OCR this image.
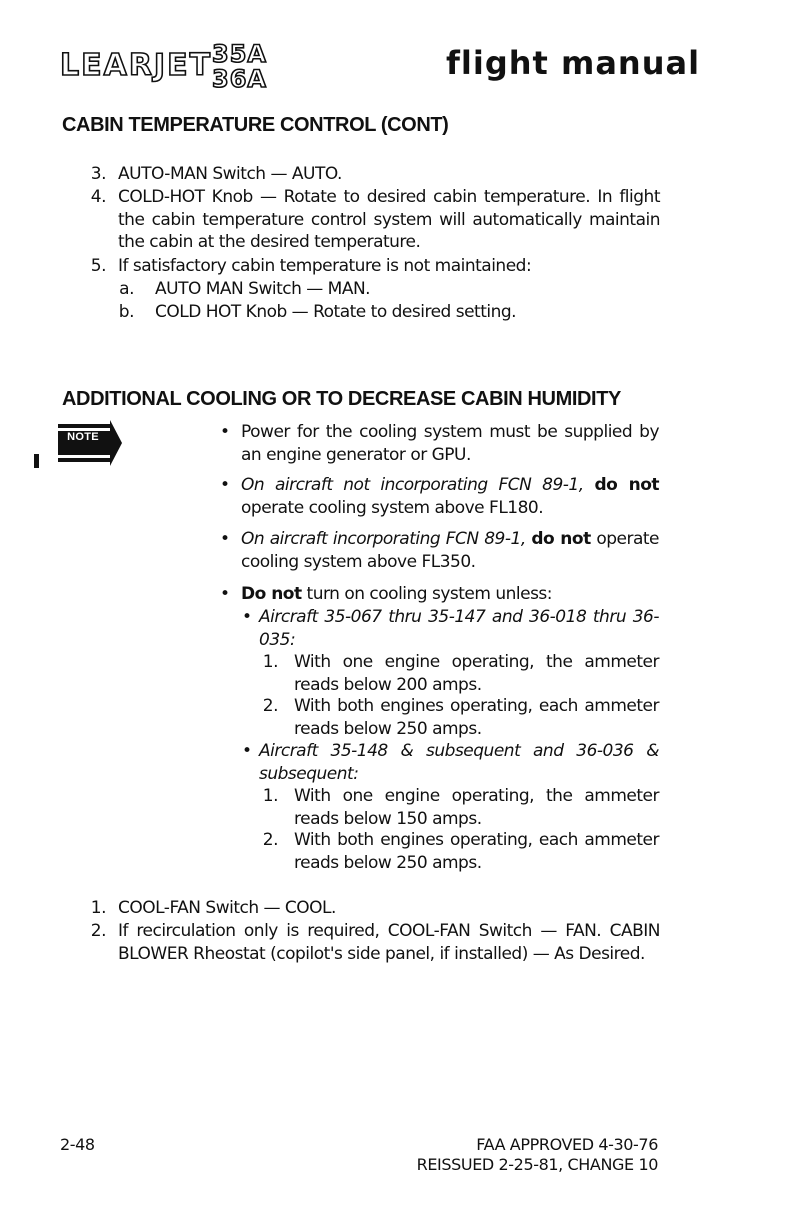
LEARJET 35A
36A	flight manual
CABIN TEMPERATURE CONTROL (CONT)
3. AUTO-MAN Switch — AUTO.
4. COLD-HOT Knob — Rotate to desired cabin temperature. In flight the cabin temperature control system will automatically maintain the cabin at the desired temperature.
5. If satisfactory cabin temperature is not maintained:
a. AUTO MAN Switch — MAN.
b. COLD HOT Knob — Rotate to desired setting.
ADDITIONAL COOLING OR TO DECREASE CABIN HUMIDITY
NOTE	• Power for the cooling system must be supplied by an engine generator or GPU.
• On aircraft not incorporating FCN 89-1, do not operate cooling system above FL180.
• On aircraft incorporating FCN 89-1, do not operate cooling system above FL350.
• Do not turn on cooling system unless:
• Aircraft 35-067 thru 35-147 and 36-018 thru 36-035:
1. With one engine operating, the ammeter reads below 200 amps.
2. With both engines operating, each ammeter reads below 250 amps.
• Aircraft 35-148 & subsequent and 36-036 & subsequent:
1. With one engine operating, the ammeter reads below 150 amps.
2. With both engines operating, each ammeter reads below 250 amps.
1. COOL-FAN Switch — COOL.
2. If recirculation only is required, COOL-FAN Switch — FAN. CABIN BLOWER Rheostat (copilot's side panel, if installed) — As Desired.
2-48	FAA APPROVED 4-30-76
REISSUED 2-25-81, CHANGE 10
